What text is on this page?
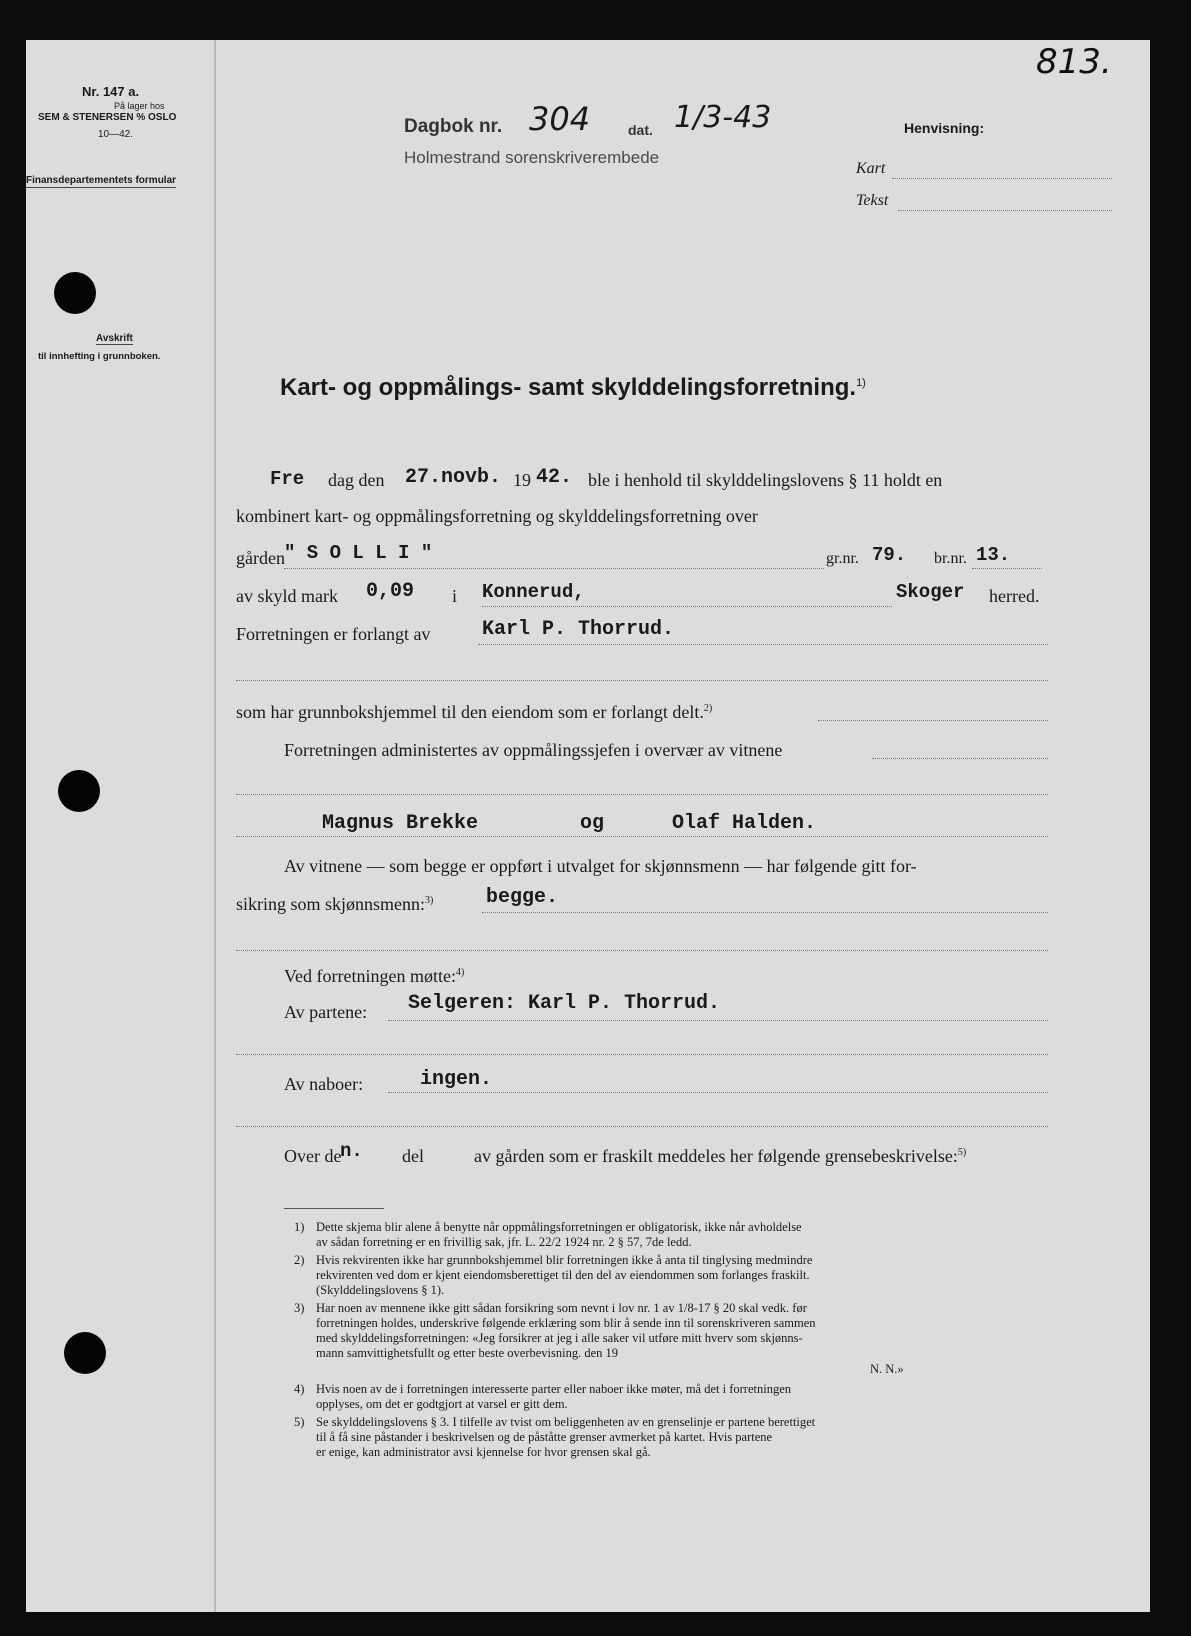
813.
Nr. 147 a.
På lager hos
SEM & STENERSEN % OSLO
10—42.
Finansdepartementets formular
Avskrift
til innhefting i grunnboken.
Dagbok nr. 304	dat. 1/3-43
Holmestrand sorenskriverembede
Henvisning:
Kart
Tekst
Kart- og oppmålings- samt skylddelingsforretning.$^{1)}$
Fre dag den 27.novb. 19 42. ble i henhold til skylddelingslovens § 11 holdt en
kombinert kart- og oppmålingsforretning og skylddelingsforretning over
gården " S O L L I "	gr.nr. 79. br.nr. 13.
av skyld mark 0,09 i Konnerud,	Skoger herred.
Forretningen er forlangt av	Karl P. Thorrud.
som har grunnbokshjemmel til den eiendom som er forlangt delt.$^{2)}$
Forretningen administertes av oppmålingssjefen i overvær av vitnene
Magnus Brekke	og	Olaf Halden.
Av vitnene — som begge er oppført i utvalget for skjønnsmenn — har følgende gitt for-
sikring som skjønnsmenn:$^{3)}$	begge.
Ved forretningen møtte:$^{4)}$
Av partene: Selgeren: Karl P. Thorrud.
Av naboer:	ingen.
Over de
n. del	av gården som er fraskilt meddeles her følgende grensebeskrivelse:$^{5)}$
1) Dette skjema blir alene å benytte når oppmålingsforretningen er obligatorisk, ikke når avholdelse
av sådan forretning er en frivillig sak, jfr. L. 22/2 1924 nr. 2 § 57, 7de ledd.
2) Hvis rekvirenten ikke har grunnbokshjemmel blir forretningen ikke å anta til tinglysing medmindre
rekvirenten ved dom er kjent eiendomsberettiget til den del av eiendommen som forlanges fraskilt.
(Skylddelingslovens § 1).
3) Har noen av mennene ikke gitt sådan forsikring som nevnt i lov nr. 1 av 1/8-17 § 20 skal vedk. før
forretningen holdes, underskrive følgende erklæring som blir å sende inn til sorenskriveren sammen
med skylddelingsforretningen: «Jeg forsikrer at jeg i alle saker vil utføre mitt hverv som skjønns-
mann samvittighetsfullt og etter beste overbevisning. den 19
N. N.»
4) Hvis noen av de i forretningen interesserte parter eller naboer ikke møter, må det i forretningen
opplyses, om det er godtgjort at varsel er gitt dem.
5) Se skylddelingslovens § 3. I tilfelle av tvist om beliggenheten av en grenselinje er partene berettiget
til å få sine påstander i beskrivelsen og de påståtte grenser avmerket på kartet. Hvis partene
er enige, kan administrator avsi kjennelse for hvor grensen skal gå.
